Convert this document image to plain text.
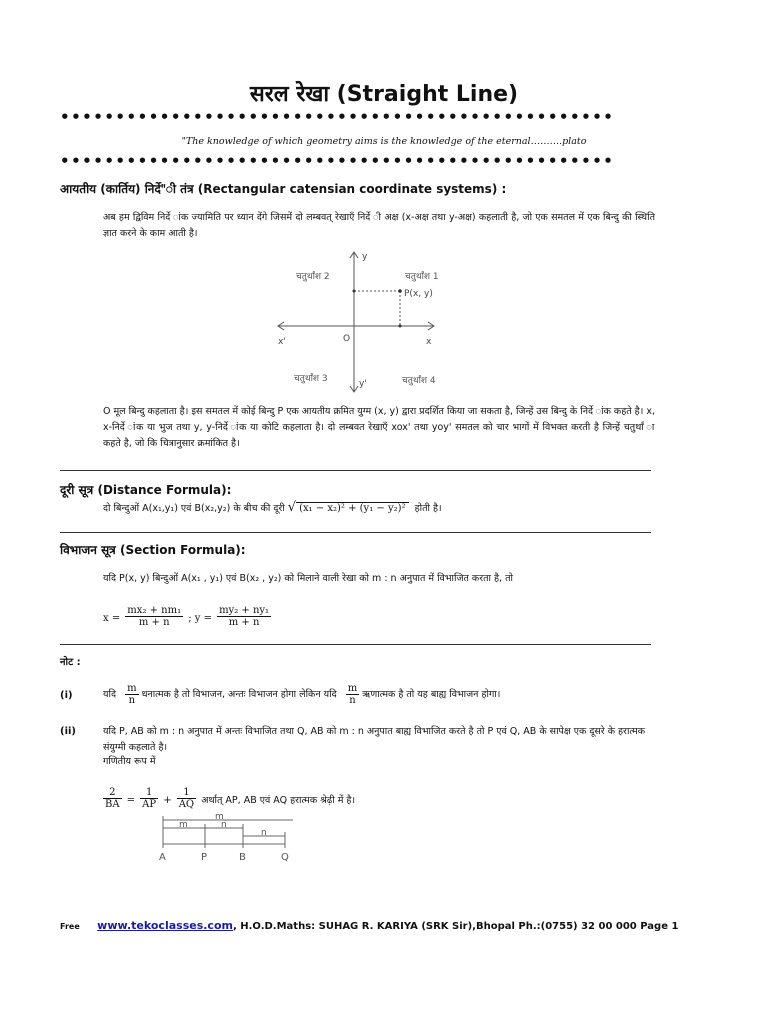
सरल रेखा (Straight Line)
••••••••••••••••••••••••••••••••••••••••••••••••••
"The knowledge of which geometry aims is the knowledge of the eternal……….plato
••••••••••••••••••••••••••••••••••••••••••••••••••
आयतीय (कार्तिय) निर्दे"ी तंत्र (Rectangular catensian coordinate systems) :
अब हम द्विविम निर्दे ांक ज्यामिति पर ध्यान देंगे जिसमें दो लम्बवत् रेखाएँ निर्दे ी अक्ष (x-अक्ष तथा y-अक्ष) कहलाती है, जो एक समतल में एक बिन्दु की स्थिति ज्ञात करने के काम आती है।
चतुर्थांश 2	चतुर्थांश 1
चतुर्थांश 3	चतुर्थांश 4
P(x, y)
O	x
x'
y
y'
O मूल बिन्दु कहलाता है। इस समतल में कोई बिन्दु P एक आयतीय क्रमित युग्म (x, y) द्वारा प्रदर्शित किया जा सकता है, जिन्हें उस बिन्दु के निर्दे ांक कहते है। x, x-निर्दे ांक या भुज तथा y, y-निर्दे ांक या कोटि कहलाता है। दो लम्बवत रेखाएँ xox' तथा yoy' समतल को चार भागों में विभक्त करती है जिन्हें चतुर्थां ा कहते है, जो कि चित्रानुसार क्रमांकित है।
दूरी सूत्र (Distance Formula):
दो बिन्दुओं A(x₁,y₁) एवं B(x₂,y₂) के बीच की दूरी √ (x₁ − x₂)² + (y₁ − y₂)² होती है।
विभाजन सूत्र (Section Formula):
यदि P(x, y) बिन्दुओं A(x₁ , y₁) एवं B(x₂ , y₂) को मिलाने वाली रेखा को m : n अनुपात में विभाजित करता है, तो
$x = \frac{\text{mx₂ + nm₁}}{m + n}$ ; $y = \frac{\text{my₂ + ny₁}}{m + n}$
नोट :
(i)	यदि $\frac{m}{n}$ धनात्मक है तो विभाजन, अन्तः विभाजन होगा लेकिन यदि $\frac{m}{n}$ ऋणात्मक है तो यह बाह्य विभाजन होगा।
(ii)	यदि P, AB को m : n अनुपात में अन्तः विभाजित तथा Q, AB को m : n अनुपात बाह्य विभाजित करते है तो P एवं Q, AB के सापेक्ष एक दूसरे के हरात्मक संयुग्मी कहलाते है।
गणितीय रूप में
$\frac{2}{BA} = \frac{1}{AP} + \frac{1}{AQ}$ अर्थात् AP, AB एवं AQ हरात्मक श्रेढ़ी में है।
m
m	n
n
A	P	B	Q
Free www.tekoclasses.com, H.O.D.Maths: SUHAG R. KARIYA (SRK Sir),Bhopal Ph.:(0755) 32 00 000 Page 1
